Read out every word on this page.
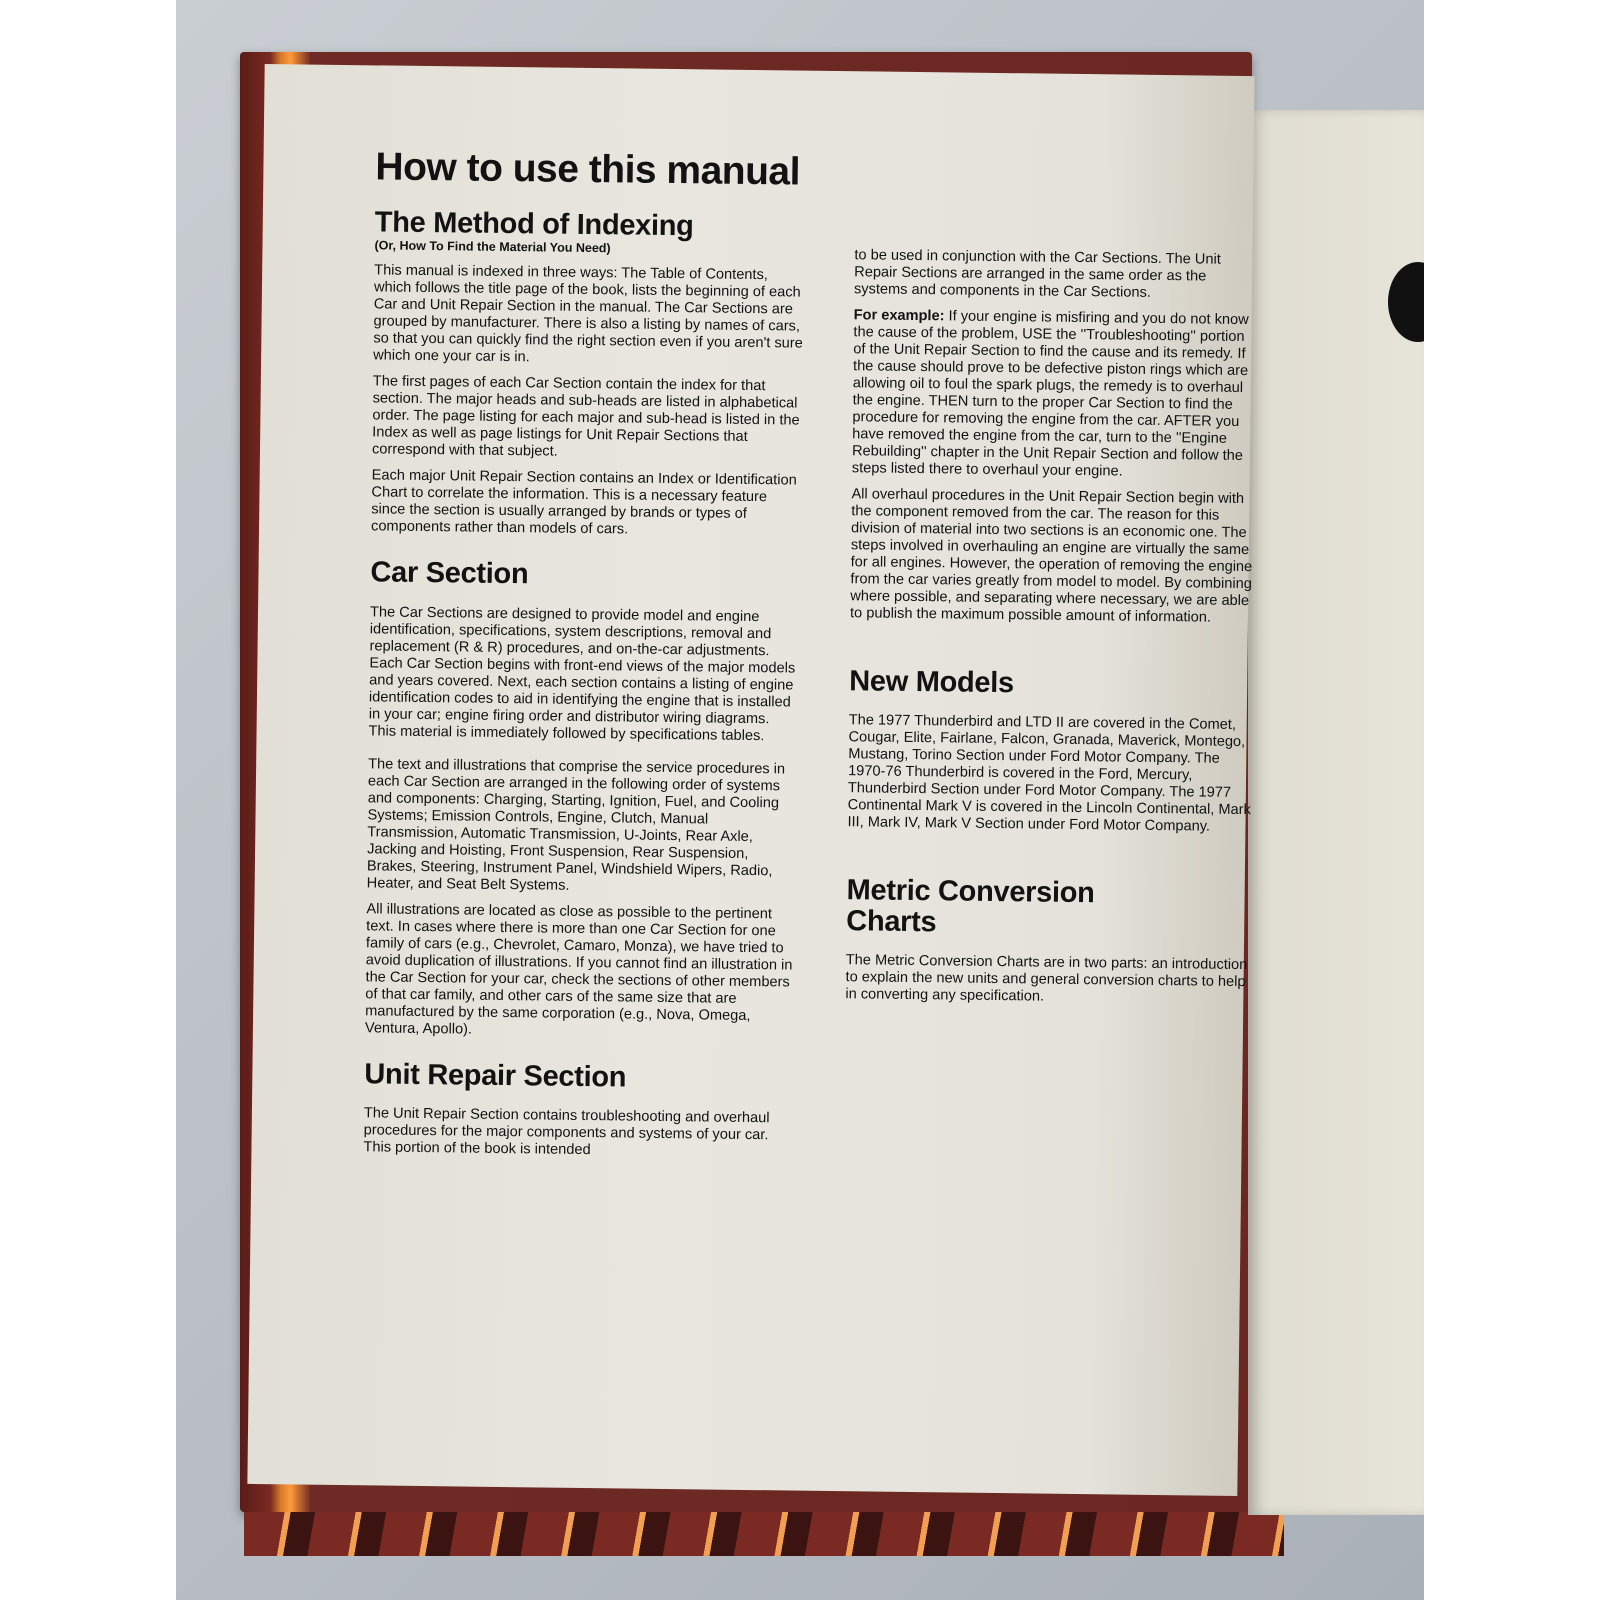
How to use this manual
The Method of Indexing
(Or, How To Find the Material You Need)

This manual is indexed in three ways: The Table of Contents, which follows the title page of the book, lists the beginning of each Car and Unit Repair Section in the manual. The Car Sections are grouped by manufacturer. There is also a listing by names of cars, so that you can quickly find the right section even if you aren't sure which one your car is in.

The first pages of each Car Section contain the index for that section. The major heads and sub-heads are listed in alphabetical order. The page listing for each major and sub-head is listed in the Index as well as page listings for Unit Repair Sections that correspond with that subject.

Each major Unit Repair Section contains an Index or Identification Chart to correlate the information. This is a necessary feature since the section is usually arranged by brands or types of components rather than models of cars.

Car Section

The Car Sections are designed to provide model and engine identification, specifications, system descriptions, removal and replacement (R & R) procedures, and on-the-car adjustments. Each Car Section begins with front-end views of the major models and years covered. Next, each section contains a listing of engine identification codes to aid in identifying the engine that is installed in your car; engine firing order and distributor wiring diagrams. This material is immediately followed by specifications tables.

The text and illustrations that comprise the service procedures in each Car Section are arranged in the following order of systems and components: Charging, Starting, Ignition, Fuel, and Cooling Systems; Emission Controls, Engine, Clutch, Manual Transmission, Automatic Transmission, U-Joints, Rear Axle, Jacking and Hoisting, Front Suspension, Rear Suspension, Brakes, Steering, Instrument Panel, Windshield Wipers, Radio, Heater, and Seat Belt Systems.

All illustrations are located as close as possible to the pertinent text. In cases where there is more than one Car Section for one family of cars (e.g., Chevrolet, Camaro, Monza), we have tried to avoid duplication of illustrations. If you cannot find an illustration in the Car Section for your car, check the sections of other members of that car family, and other cars of the same size that are manufactured by the same corporation (e.g., Nova, Omega, Ventura, Apollo).

Unit Repair Section

The Unit Repair Section contains troubleshooting and overhaul procedures for the major components and systems of your car. This portion of the book is intended

to be used in conjunction with the Car Sections. The Unit Repair Sections are arranged in the same order as the systems and components in the Car Sections.

For example: If your engine is misfiring and you do not know the cause of the problem, USE the ''Troubleshooting'' portion of the Unit Repair Section to find the cause and its remedy. If the cause should prove to be defective piston rings which are allowing oil to foul the spark plugs, the remedy is to overhaul the engine. THEN turn to the proper Car Section to find the procedure for removing the engine from the car. AFTER you have removed the engine from the car, turn to the ''Engine Rebuilding'' chapter in the Unit Repair Section and follow the steps listed there to overhaul your engine.

All overhaul procedures in the Unit Repair Section begin with the component removed from the car. The reason for this division of material into two sections is an economic one. The steps involved in overhauling an engine are virtually the same for all engines. However, the operation of removing the engine from the car varies greatly from model to model. By combining where possible, and separating where necessary, we are able to publish the maximum possible amount of information.

New Models

The 1977 Thunderbird and LTD II are covered in the Comet, Cougar, Elite, Fairlane, Falcon, Granada, Maverick, Montego, Mustang, Torino Section under Ford Motor Company. The 1970-76 Thunderbird is covered in the Ford, Mercury, Thunderbird Section under Ford Motor Company. The 1977 Continental Mark V is covered in the Lincoln Continental, Mark III, Mark IV, Mark V Section under Ford Motor Company.

Metric Conversion
Charts

The Metric Conversion Charts are in two parts: an introduction to explain the new units and general conversion charts to help in converting any specification.
